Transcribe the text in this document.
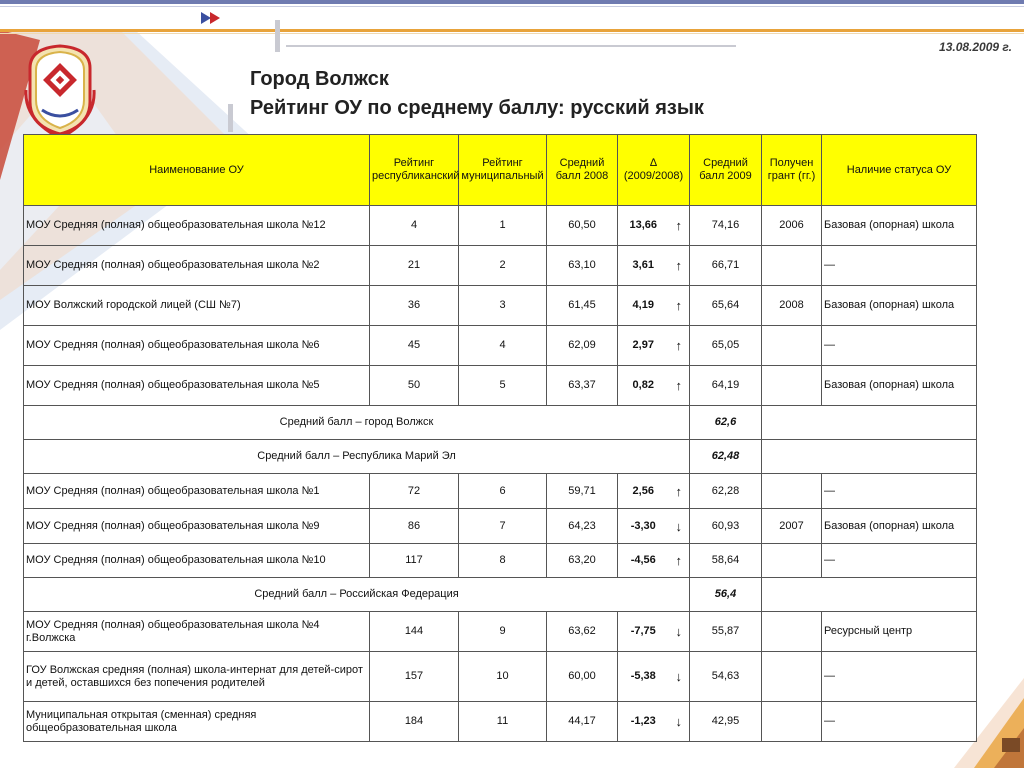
13.08.2009 г.
Город Волжск
Рейтинг ОУ по среднему баллу: русский язык
Наименование ОУ	Рейтинг республиканский	Рейтинг муниципальный	Средний балл 2008	∆ (2009/2008)		Средний балл 2009	Получен грант (гг.)	Наличие статуса ОУ
МОУ Средняя (полная) общеобразовательная школа №12	4	1	60,50	13,66	↑	74,16	2006	Базовая (опорная) школа
МОУ Средняя (полная) общеобразовательная школа №2	21	2	63,10	3,61	↑	66,71		—
МОУ Волжский городской лицей (СШ №7)	36	3	61,45	4,19	↑	65,64	2008	Базовая (опорная) школа
МОУ Средняя (полная) общеобразовательная школа №6	45	4	62,09	2,97	↑	65,05		—
МОУ Средняя (полная) общеобразовательная школа №5	50	5	63,37	0,82	↑	64,19		Базовая (опорная) школа
Средний балл – город Волжск						62,6		
Средний балл – Республика Марий Эл						62,48		
МОУ Средняя (полная) общеобразовательная школа №1	72	6	59,71	2,56	↑	62,28		—
МОУ Средняя (полная) общеобразовательная школа №9	86	7	64,23	-3,30	↓	60,93	2007	Базовая (опорная) школа
МОУ Средняя (полная) общеобразовательная школа №10	117	8	63,20	-4,56	↑	58,64		—
Средний балл – Российская Федерация						56,4		
МОУ Средняя (полная) общеобразовательная школа №4 г.Волжска	144	9	63,62	-7,75	↓	55,87		Ресурсный центр
ГОУ Волжская средняя (полная) школа-интернат для детей-сирот и детей, оставшихся без попечения родителей	157	10	60,00	-5,38	↓	54,63		—
Муниципальная открытая (сменная) средняя общеобразовательная школа	184	11	44,17	-1,23	↓	42,95		—
